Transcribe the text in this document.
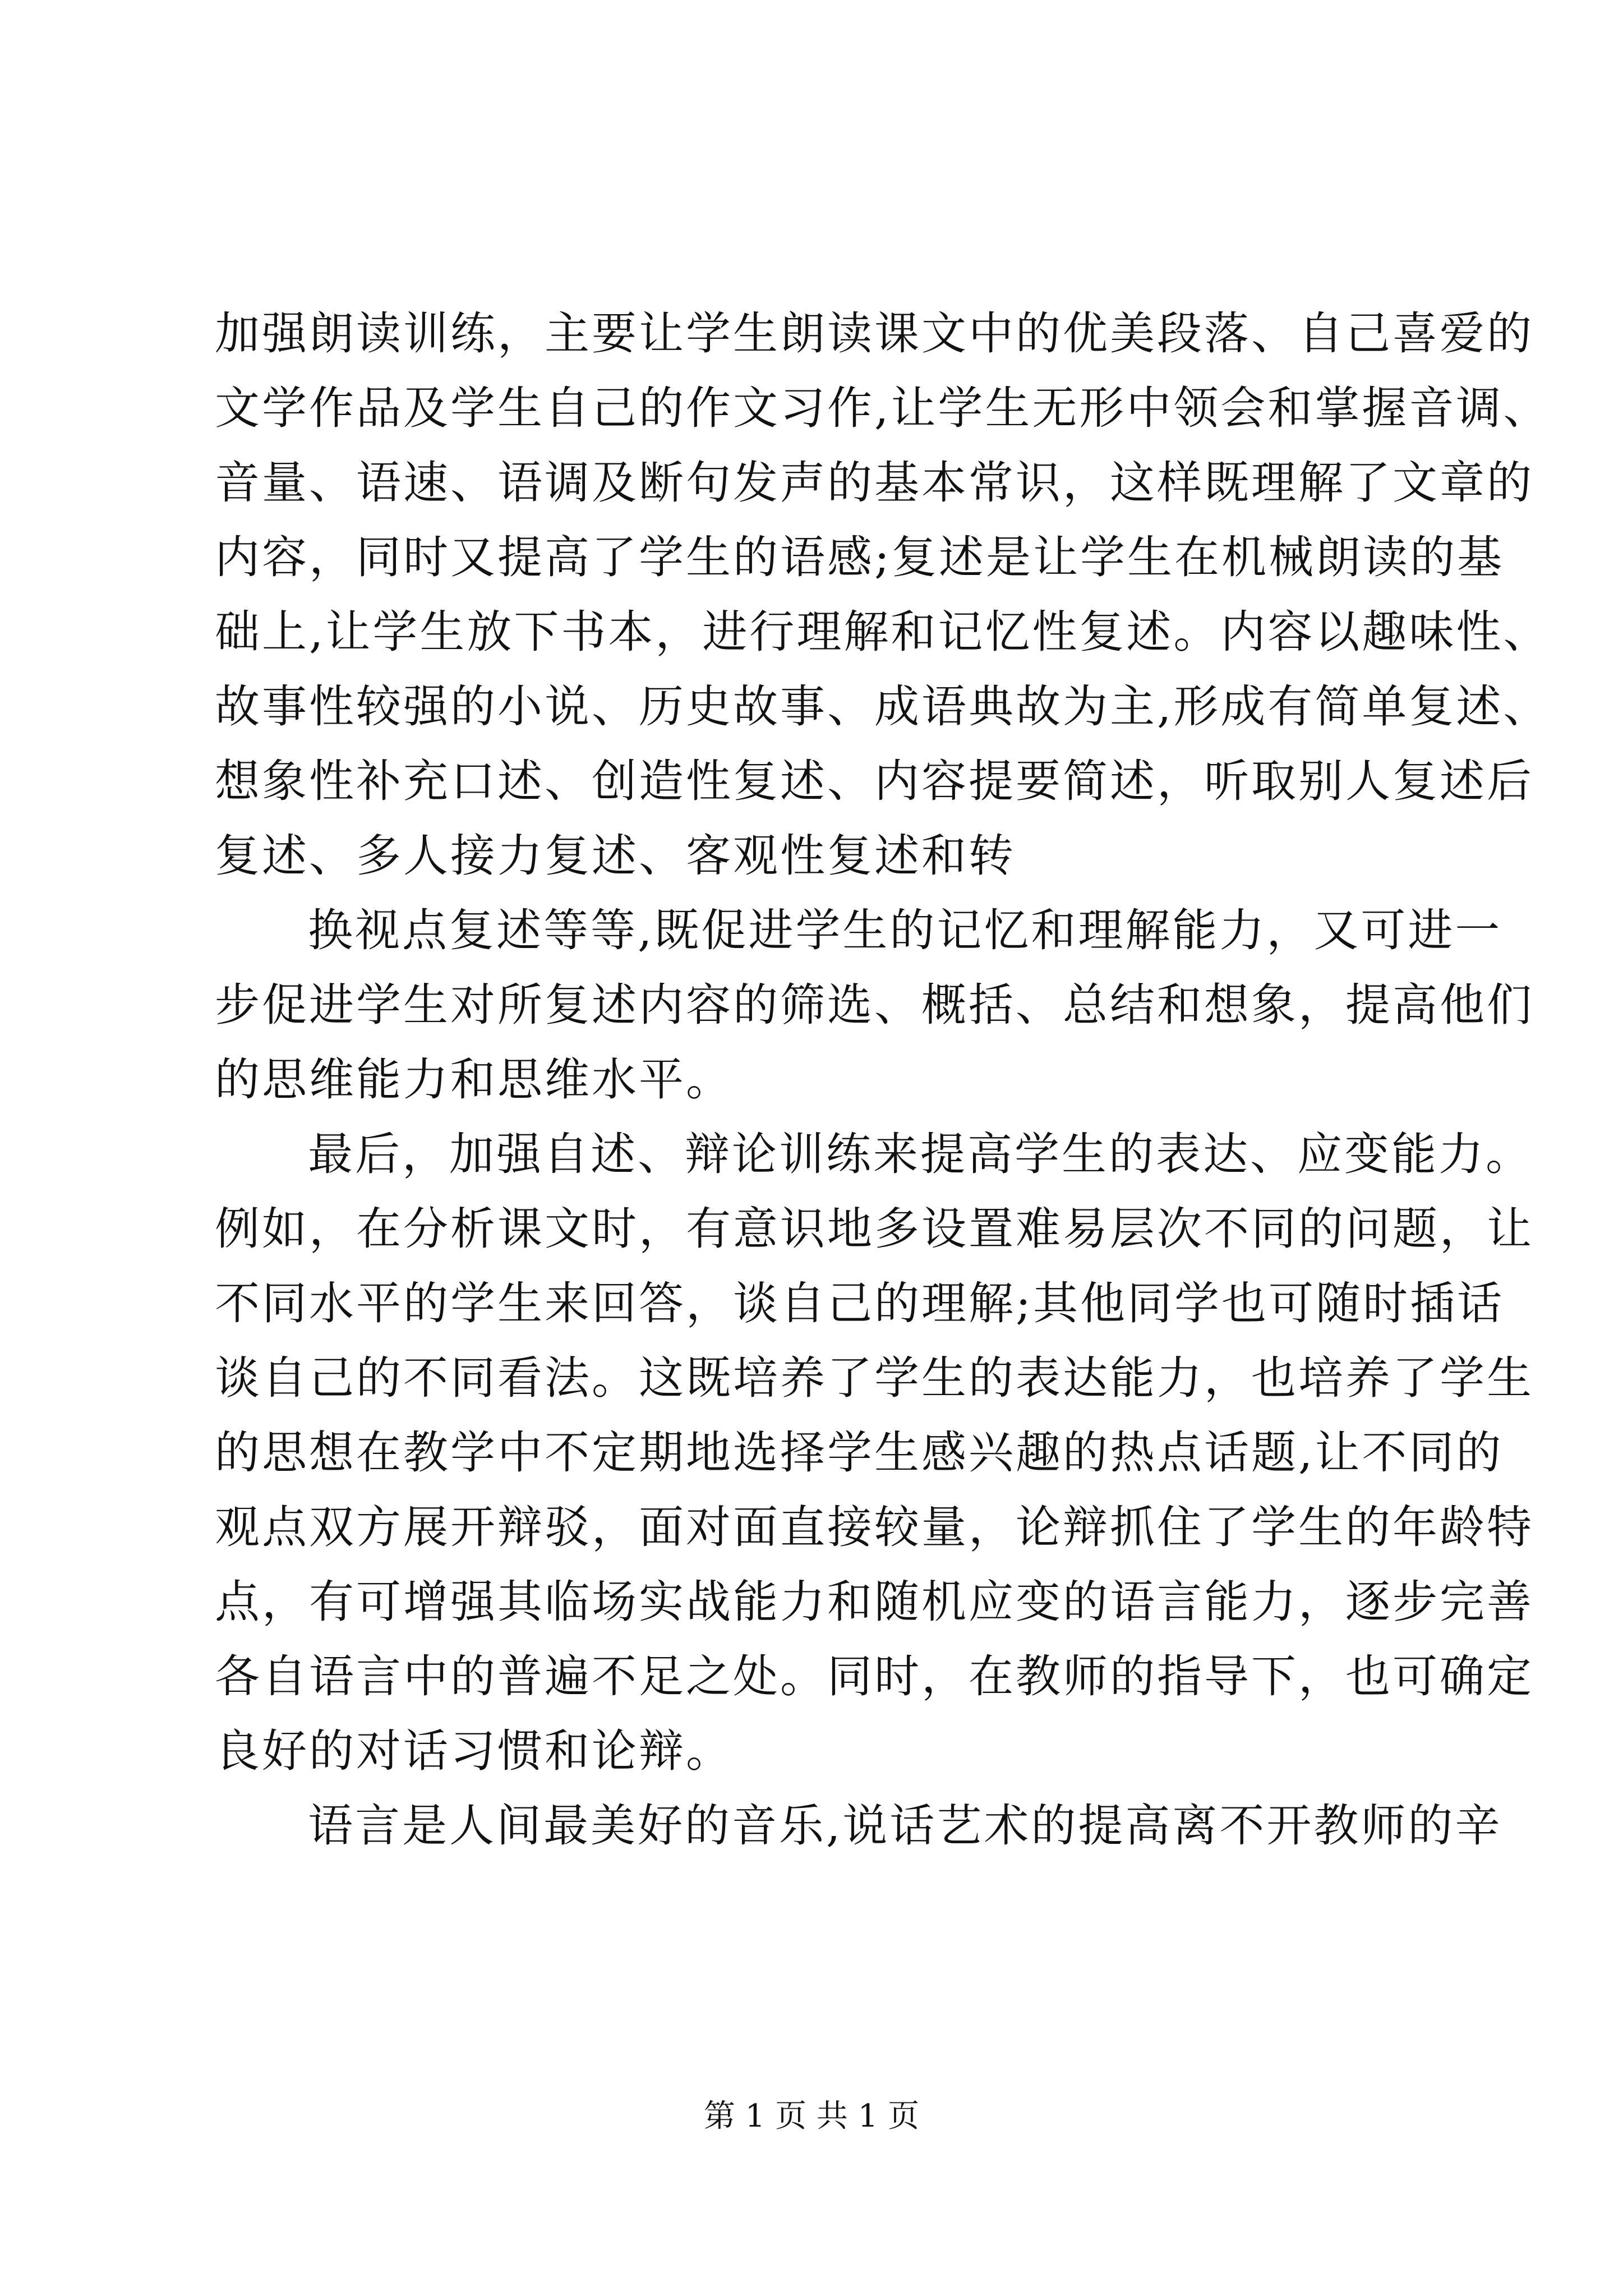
加强朗读训练，主要让学生朗读课文中的优美段落、自己喜爱的
文学作品及学生自己的作文习作,让学生无形中领会和掌握音调、
音量、语速、语调及断句发声的基本常识，这样既理解了文章的
内容，同时又提高了学生的语感;复述是让学生在机械朗读的基
础上,让学生放下书本，进行理解和记忆性复述。内容以趣味性、
故事性较强的小说、历史故事、成语典故为主,形成有简单复述、
想象性补充口述、创造性复述、内容提要简述，听取别人复述后
复述、多人接力复述、客观性复述和转
换视点复述等等,既促进学生的记忆和理解能力，又可进一
步促进学生对所复述内容的筛选、概括、总结和想象，提高他们
的思维能力和思维水平。
最后，加强自述、辩论训练来提高学生的表达、应变能力。
例如，在分析课文时，有意识地多设置难易层次不同的问题，让
不同水平的学生来回答，谈自己的理解;其他同学也可随时插话
谈自己的不同看法。这既培养了学生的表达能力，也培养了学生
的思想在教学中不定期地选择学生感兴趣的热点话题,让不同的
观点双方展开辩驳，面对面直接较量，论辩抓住了学生的年龄特
点，有可增强其临场实战能力和随机应变的语言能力，逐步完善
各自语言中的普遍不足之处。同时，在教师的指导下，也可确定
良好的对话习惯和论辩。
语言是人间最美好的音乐,说话艺术的提高离不开教师的辛
第 1 页 共 1 页
